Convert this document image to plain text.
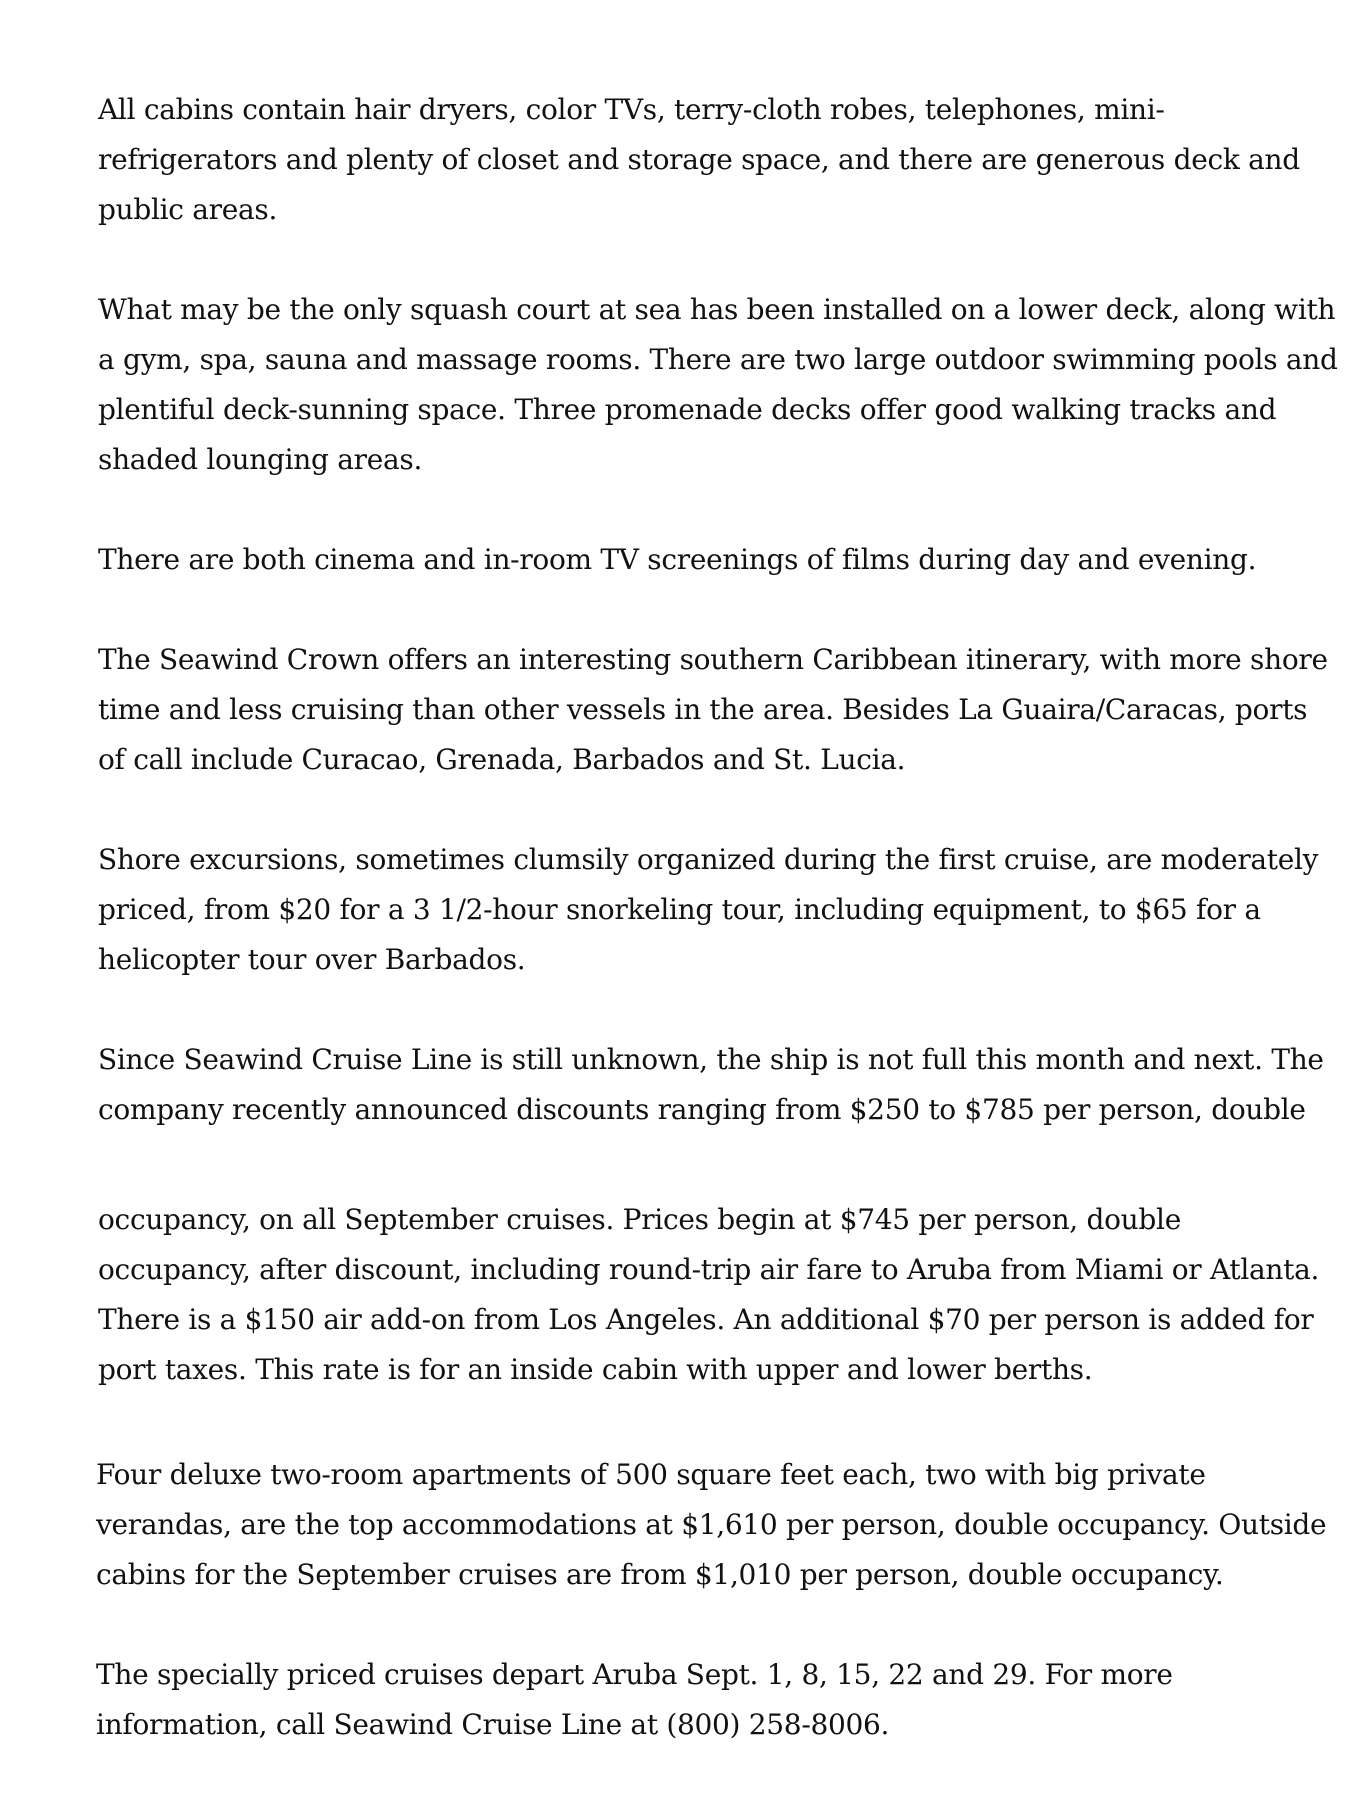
All cabins contain hair dryers, color TVs, terry-cloth robes, telephones, mini-
refrigerators and plenty of closet and storage space, and there are generous deck and
public areas.

What may be the only squash court at sea has been installed on a lower deck, along with
a gym, spa, sauna and massage rooms. There are two large outdoor swimming pools and
plentiful deck-sunning space. Three promenade decks offer good walking tracks and
shaded lounging areas.

There are both cinema and in-room TV screenings of films during day and evening.

The Seawind Crown offers an interesting southern Caribbean itinerary, with more shore
time and less cruising than other vessels in the area. Besides La Guaira/Caracas, ports
of call include Curacao, Grenada, Barbados and St. Lucia.

Shore excursions, sometimes clumsily organized during the first cruise, are moderately
priced, from $20 for a 3 1/2-hour snorkeling tour, including equipment, to $65 for a
helicopter tour over Barbados.

Since Seawind Cruise Line is still unknown, the ship is not full this month and next. The
company recently announced discounts ranging from $250 to $785 per person, double

occupancy, on all September cruises. Prices begin at $745 per person, double
occupancy, after discount, including round-trip air fare to Aruba from Miami or Atlanta.
There is a $150 air add-on from Los Angeles. An additional $70 per person is added for
port taxes. This rate is for an inside cabin with upper and lower berths.

Four deluxe two-room apartments of 500 square feet each, two with big private
verandas, are the top accommodations at $1,610 per person, double occupancy. Outside
cabins for the September cruises are from $1,010 per person, double occupancy.

The specially priced cruises depart Aruba Sept. 1, 8, 15, 22 and 29. For more
information, call Seawind Cruise Line at (800) 258-8006.
